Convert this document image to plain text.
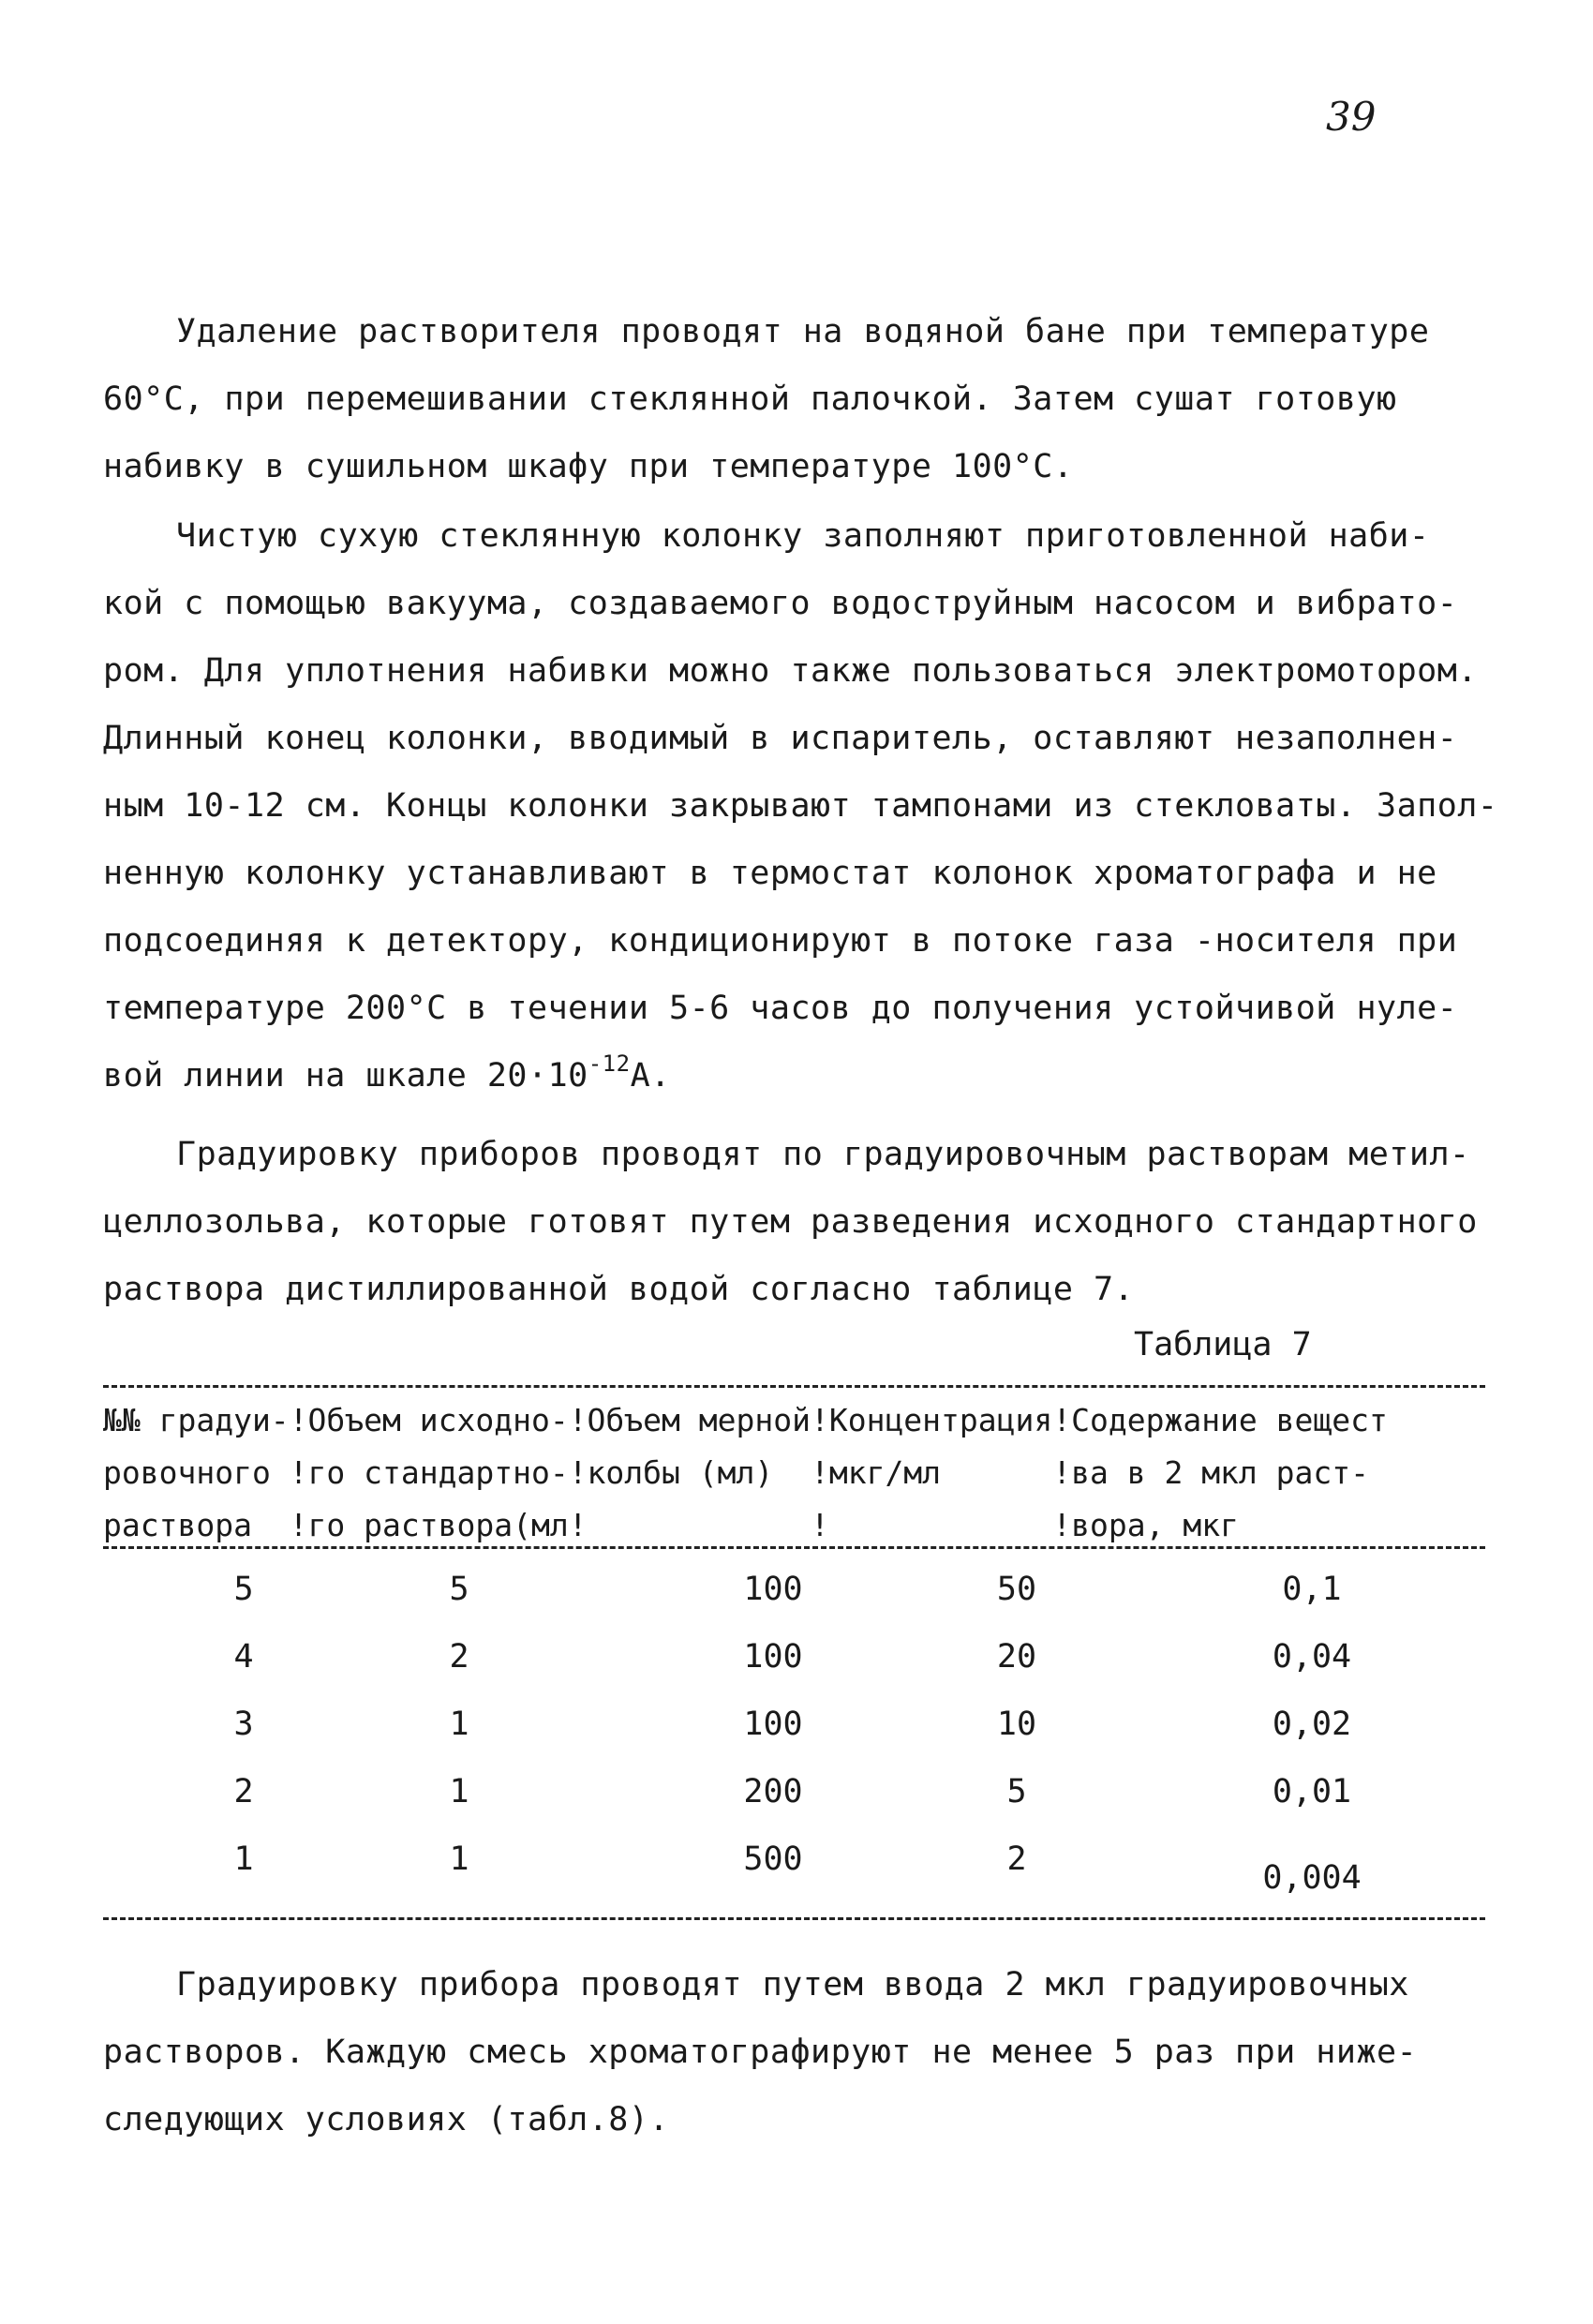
39

Удаление растворителя проводят на водяной бане при температуре
60°С, при перемешивании стеклянной палочкой. Затем сушат готовую
набивку в сушильном шкафу при температуре 100°С.

Чистую сухую стеклянную колонку заполняют приготовленной наби-
кой с помощью вакуума, создаваемого водоструйным насосом и вибрато-
ром. Для уплотнения набивки можно также пользоваться электромотором.
Длинный конец колонки, вводимый в испаритель, оставляют незаполнен-
ным 10-12 см. Концы колонки закрывают тампонами из стекловаты. Запол-
ненную колонку устанавливают в термостат колонок хроматографа и не
подсоединяя к детектору, кондиционируют в потоке газа -носителя при
температуре 200°С в течении 5-6 часов до получения устойчивой нуле-
вой линии на шкале $20\cdot 10^{-12}А$.

Градуировку приборов проводят по градуировочным растворам метил-
целлозольва, которые готовят путем разведения исходного стандартного
раствора дистиллированной водой согласно таблице 7.

Таблица 7
№№ градуи-!Объем исходно-!Объем мерной!Концентрация!Содержание вещест
ровочного !го стандартно-!колбы (мл)  !мкг/мл      !ва в 2 мкл раст-
раствора  !го раствора(мл!            !            !вора, мкг
5	5	100	50	0,1
4	2	100	20	0,04
3	1	100	10	0,02
2	1	200	5	0,01
1	1	500	2	0,004

Градуировку прибора проводят путем ввода 2 мкл градуировочных
растворов. Каждую смесь хроматографируют не менее 5 раз при ниже-
следующих условиях (табл.8).
